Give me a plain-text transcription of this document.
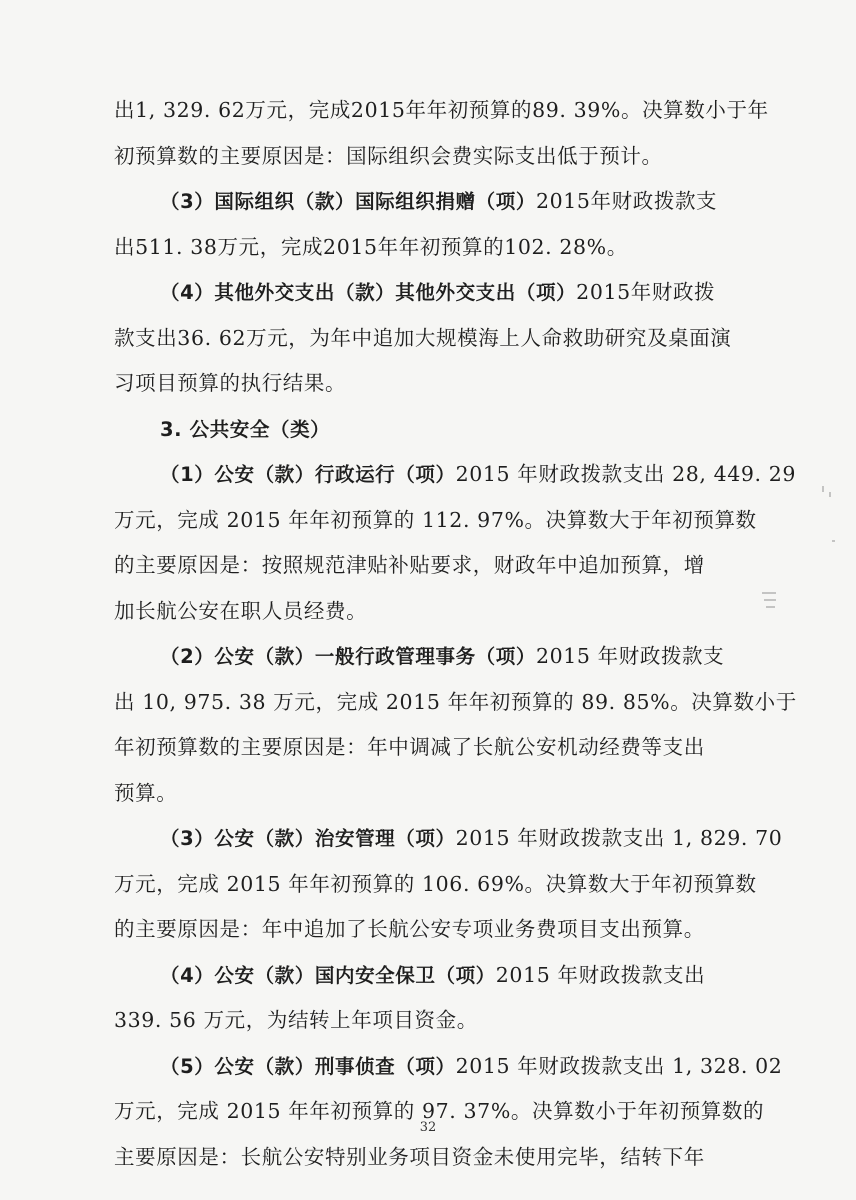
出1, 329. 62万元，完成2015年年初预算的89. 39%。决算数小于年
初预算数的主要原因是：国际组织会费实际支出低于预计。
（3）国际组织（款）国际组织捐赠（项）2015年财政拨款支
出511. 38万元，完成2015年年初预算的102. 28%。
（4）其他外交支出（款）其他外交支出（项）2015年财政拨
款支出36. 62万元，为年中追加大规模海上人命救助研究及桌面演
习项目预算的执行结果。
3. 公共安全（类）
（1）公安（款）行政运行（项）2015 年财政拨款支出 28, 449. 29
万元，完成 2015 年年初预算的 112. 97%。决算数大于年初预算数
的主要原因是：按照规范津贴补贴要求，财政年中追加预算，增
加长航公安在职人员经费。
（2）公安（款）一般行政管理事务（项）2015 年财政拨款支
出 10, 975. 38 万元，完成 2015 年年初预算的 89. 85%。决算数小于
年初预算数的主要原因是：年中调减了长航公安机动经费等支出
预算。
（3）公安（款）治安管理（项）2015 年财政拨款支出 1, 829. 70
万元，完成 2015 年年初预算的 106. 69%。决算数大于年初预算数
的主要原因是：年中追加了长航公安专项业务费项目支出预算。
（4）公安（款）国内安全保卫（项）2015 年财政拨款支出
339. 56 万元，为结转上年项目资金。
（5）公安（款）刑事侦查（项）2015 年财政拨款支出 1, 328. 02
万元，完成 2015 年年初预算的 97. 37%。决算数小于年初预算数的
主要原因是：长航公安特别业务项目资金未使用完毕，结转下年
32
